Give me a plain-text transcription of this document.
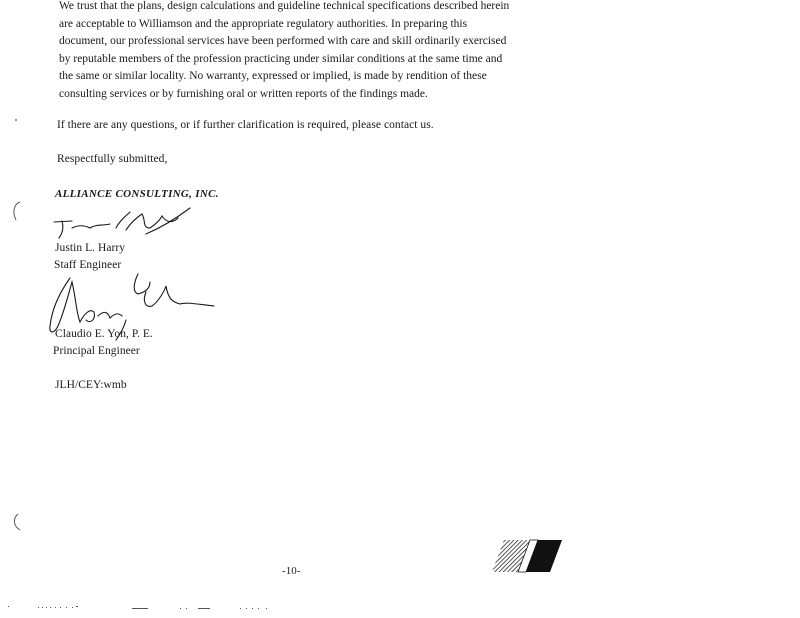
We trust that the plans, design calculations and guideline technical specifications described herein
are acceptable to Williamson and the appropriate regulatory authorities. In preparing this
document, our professional services have been performed with care and skill ordinarily exercised
by reputable members of the profession practicing under similar conditions at the same time and
the same or similar locality. No warranty, expressed or implied, is made by rendition of these
consulting services or by furnishing oral or written reports of the findings made.
If there are any questions, or if further clarification is required, please contact us.
Respectfully submitted,
ALLIANCE CONSULTING, INC.
Justin L. Harry
Staff Engineer
Claudio E. Yon, P. E.
Principal Engineer
JLH/CEY:wmb
-10-
